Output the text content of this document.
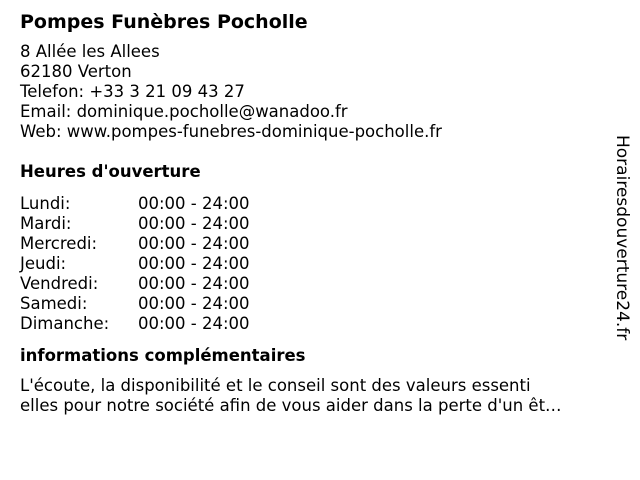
Pompes Funèbres Pocholle
8 Allée les Allees
62180 Verton
Telefon: +33 3 21 09 43 27
Email: dominique.pocholle@wanadoo.fr
Web: www.pompes-funebres-dominique-pocholle.fr
Heures d'ouverture
Lundi:	00:00 - 24:00
Mardi:	00:00 - 24:00
Mercredi:	00:00 - 24:00
Jeudi:	00:00 - 24:00
Vendredi:	00:00 - 24:00
Samedi:	00:00 - 24:00
Dimanche:	00:00 - 24:00
informations complémentaires
L'écoute, la disponibilité et le conseil sont des valeurs essenti
elles pour notre société afin de vous aider dans la perte d'un êt…
Horairesdouverture24.fr
